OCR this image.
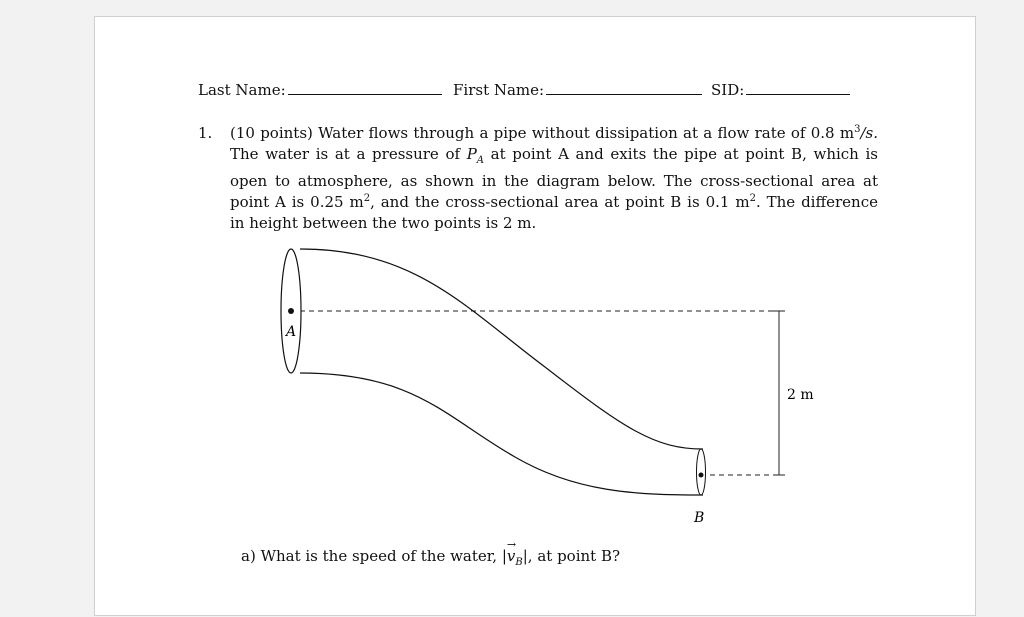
Last Name:	First Name:	SID:
1. (10 points) Water flows through a pipe without dissipation at a flow rate of 0.8 $m^3/s$. The water is at a pressure of $P_A$ at point A and exits the pipe at point B, which is open to atmosphere, as shown in the diagram below. The cross-sectional area at point A is 0.25 $m^2$, and the cross-sectional area at point B is 0.1 $m^2$. The difference in height between the two points is 2 m.
A
B
2 m
a) What is the speed of the water, |
→
$v_B|$, at point B?
